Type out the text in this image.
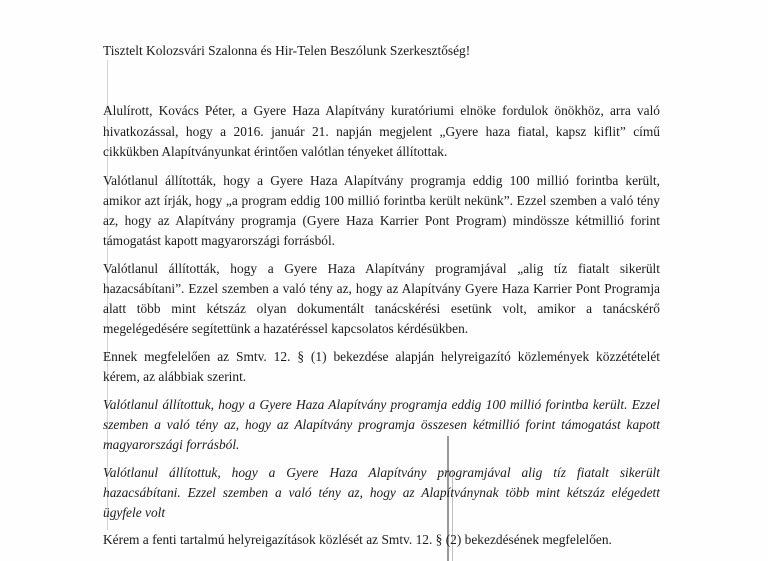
Tisztelt Kolozsvári Szalonna és Hir-Telen Beszólunk Szerkesztőség!
Alulírott, Kovács Péter, a Gyere Haza Alapítvány kuratóriumi elnöke fordulok önökhöz, arra való
hivatkozással, hogy a 2016. január 21. napján megjelent „Gyere haza fiatal, kapsz kiflit” című
cikkükben Alapítványunkat érintően valótlan tényeket állítottak.
Valótlanul állították, hogy a Gyere Haza Alapítvány programja eddig 100 millió forintba került,
amikor azt írják, hogy „a program eddig 100 millió forintba került nekünk”. Ezzel szemben a való tény
az, hogy az Alapítvány programja (Gyere Haza Karrier Pont Program) mindössze kétmillió forint
támogatást kapott magyarországi forrásból.
Valótlanul állították, hogy a Gyere Haza Alapítvány programjával „alig tíz fiatalt sikerült
hazacsábítani”. Ezzel szemben a való tény az, hogy az Alapítvány Gyere Haza Karrier Pont Programja
alatt több mint kétszáz olyan dokumentált tanácskérési esetünk volt, amikor a tanácskérő
megelégedésére segítettünk a hazatéréssel kapcsolatos kérdésükben.
Ennek megfelelően az Smtv. 12. § (1) bekezdése alapján helyreigazító közlemények közzétételét
kérem, az alábbiak szerint.
Valótlanul állítottuk, hogy a Gyere Haza Alapítvány programja eddig 100 millió forintba került. Ezzel
szemben a való tény az, hogy az Alapítvány programja összesen kétmillió forint támogatást kapott
magyarországi forrásból.
Valótlanul állítottuk, hogy a Gyere Haza Alapítvány programjával alig tíz fiatalt sikerült
hazacsábítani. Ezzel szemben a való tény az, hogy az Alapítványnak több mint kétszáz elégedett
ügyfele volt
Kérem a fenti tartalmú helyreigazítások közlését az Smtv. 12. § (2) bekezdésének megfelelően.
